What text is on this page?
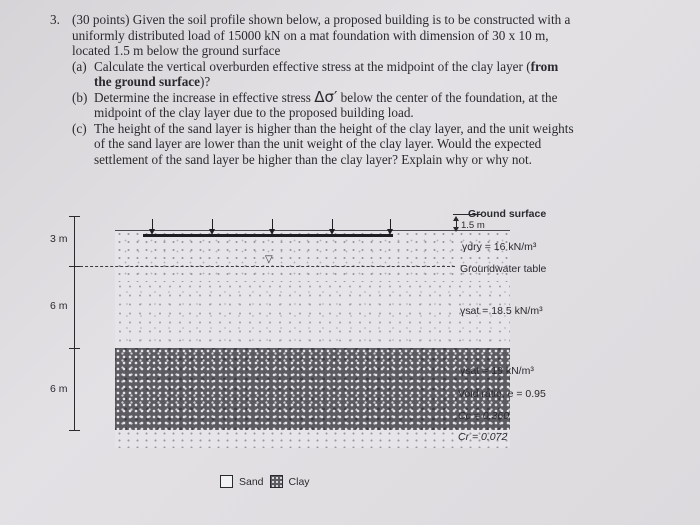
3. (30 points) Given the soil profile shown below, a proposed building is to be constructed with a
uniformly distributed load of 15000 kN on a mat foundation with dimension of 30 x 10 m,
located 1.5 m below the ground surface
(a) Calculate the vertical overburden effective stress at the midpoint of the clay layer (from
the ground surface)?
(b) Determine the increase in effective stress Δσ′ below the center of the foundation, at the
midpoint of the clay layer due to the proposed building load.
(c) The height of the sand layer is higher than the height of the clay layer, and the unit weights
of the sand layer are lower than the unit weight of the clay layer. Would the expected
settlement of the sand layer be higher than the clay layer? Explain why or why not.
▽
3 m
6 m
6 m
Ground surface
1.5 m
γdry = 16 kN/m³
Groundwater table
γsat = 18.5 kN/m³
γsat = 19 kN/m³
Void ratio, e = 0.95
Cc = 0.360
Cr = 0.072
Sand Clay
